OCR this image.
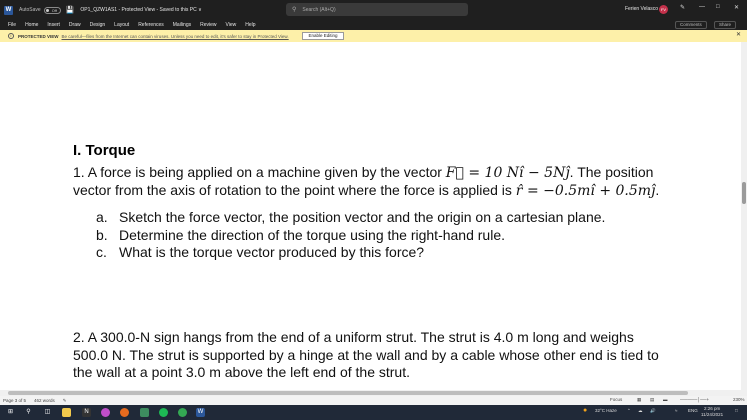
W	AutoSave	Off	💾 OP1_QZW1AS1 - Protected View - Saved to this PC ∨	⚲ Search (Alt+Q)	Ferien Velasco FV	✎ — □ ✕
File Home Insert Draw Design Layout References Mailings Review View Help	Comments	Share
i	PROTECTED VIEW Be careful—files from the Internet can contain viruses. Unless you need to edit, it's safer to stay in Protected View.	Enable Editing	✕
I. Torque
1. A force is being applied on a machine given by the vector F⃗ = 10 Nî − 5Nĵ. The position
vector from the axis of rotation to the point where the force is applied is r̂ = −0.5mî + 0.5mĵ.
a. Sketch the force vector, the position vector and the origin on a cartesian plane.
b. Determine the direction of the torque using the right-hand rule.
c. What is the torque vector produced by this force?
2. A 300.0-N sign hangs from the end of a uniform strut. The strut is 4.0 m long and weighs
500.0 N. The strut is supported by a hinge at the wall and by a cable whose other end is tied to
the wall at a point 3.0 m above the left end of the strut.
Page 3 of 5 462 words ✎	Focus	▦ ▤ ▬	—────│──+	230%
⊞	⚲	◫	N	W	● 32°C Haze ⌃ ☁ 🔊	≈ ENG 2:26 pm
11/24/2021
□
